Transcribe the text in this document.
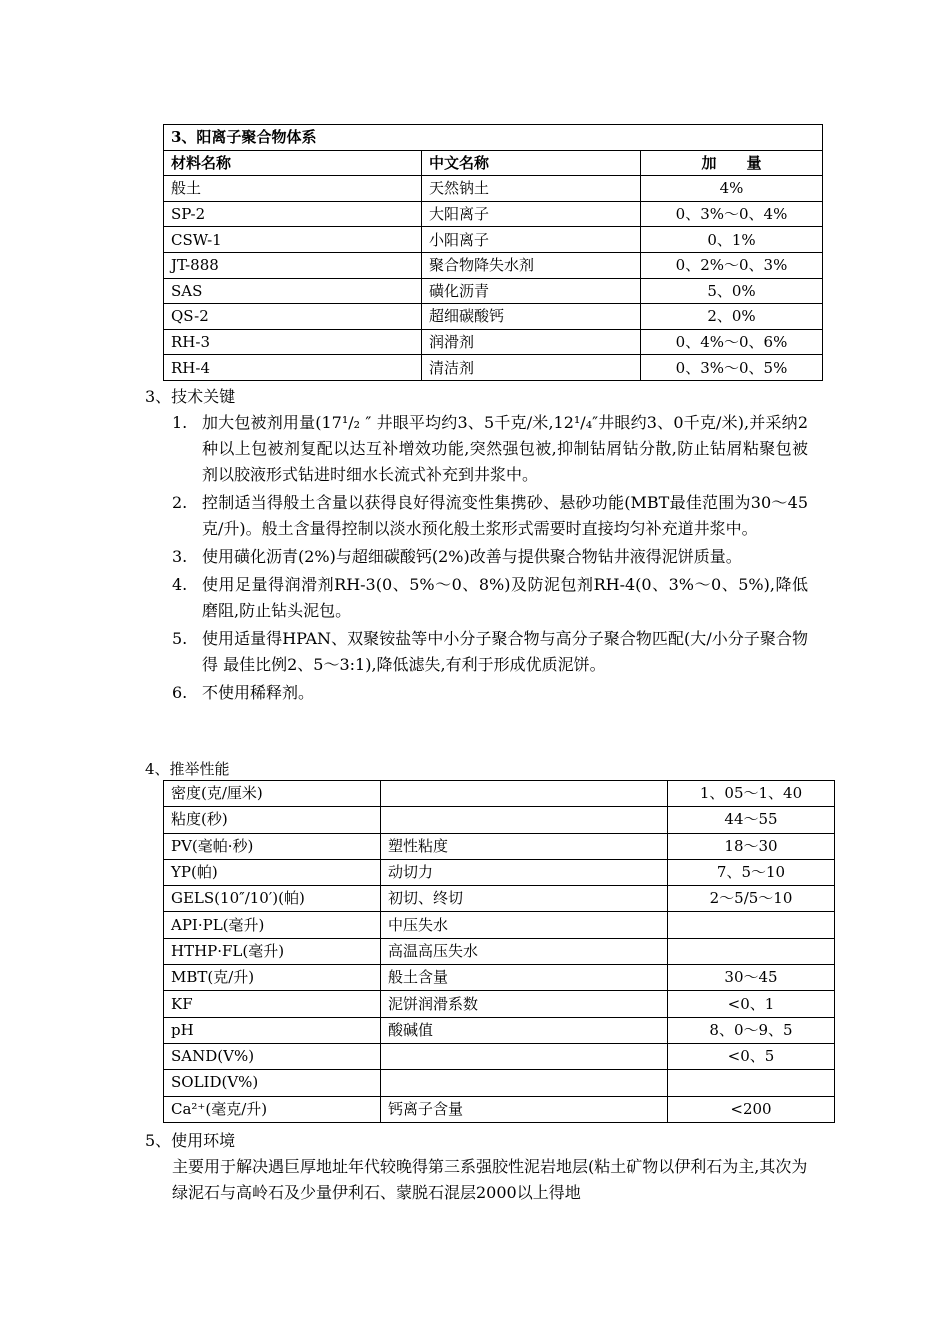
3、阳离子聚合物体系		
材料名称	中文名称	加　　量
般土	天然钠土	4%
SP-2	大阳离子	0、3%～0、4%
CSW-1	小阳离子	0、1%
JT-888	聚合物降失水剂	0、2%～0、3%
SAS	磺化沥青	5、0%
QS-2	超细碳酸钙	2、0%
RH-3	润滑剂	0、4%～0、6%
RH-4	清洁剂	0、3%～0、5%
3、技术关键
1. 加大包被剂用量(17¹/₂ ″ 井眼平均约3、5千克/米,12¹/₄″井眼约3、0千克/米),并采纳2种以上包被剂复配以达互补增效功能,突然强包被,抑制钻屑钻分散,防止钻屑粘聚包被剂以胶液形式钻进时细水长流式补充到井浆中。
2. 控制适当得般土含量以获得良好得流变性集携砂、悬砂功能(MBT最佳范围为30～45克/升)。般土含量得控制以淡水预化般土浆形式需要时直接均匀补充道井浆中。
3. 使用磺化沥青(2%)与超细碳酸钙(2%)改善与提供聚合物钻井液得泥饼质量。
4. 使用足量得润滑剂RH-3(0、5%～0、8%)及防泥包剂RH-4(0、3%～0、5%),降低磨阻,防止钻头泥包。
5. 使用适量得HPAN、双聚铵盐等中小分子聚合物与高分子聚合物匹配(大/小分子聚合物得 最佳比例2、5～3:1),降低滤失,有利于形成优质泥饼。
6. 不使用稀释剂。
4、推举性能
密度(克/厘米)		1、05～1、40
粘度(秒)		44～55
PV(毫帕·秒)	塑性粘度	18～30
YP(帕)	动切力	7、5～10
GELS(10″/10′)(帕)	初切、终切	2～5/5～10
API·PL(毫升)	中压失水	
HTHP·FL(毫升)	高温高压失水	
MBT(克/升)	般土含量	30～45
KF	泥饼润滑系数	<0、1
pH	酸碱值	8、0～9、5
SAND(V%)		<0、5
SOLID(V%)		
Ca²⁺(毫克/升)	钙离子含量	<200
5、使用环境
主要用于解决遇巨厚地址年代较晚得第三系强胶性泥岩地层(粘土矿物以伊利石为主,其次为绿泥石与高岭石及少量伊利石、蒙脱石混层2000以上得地
